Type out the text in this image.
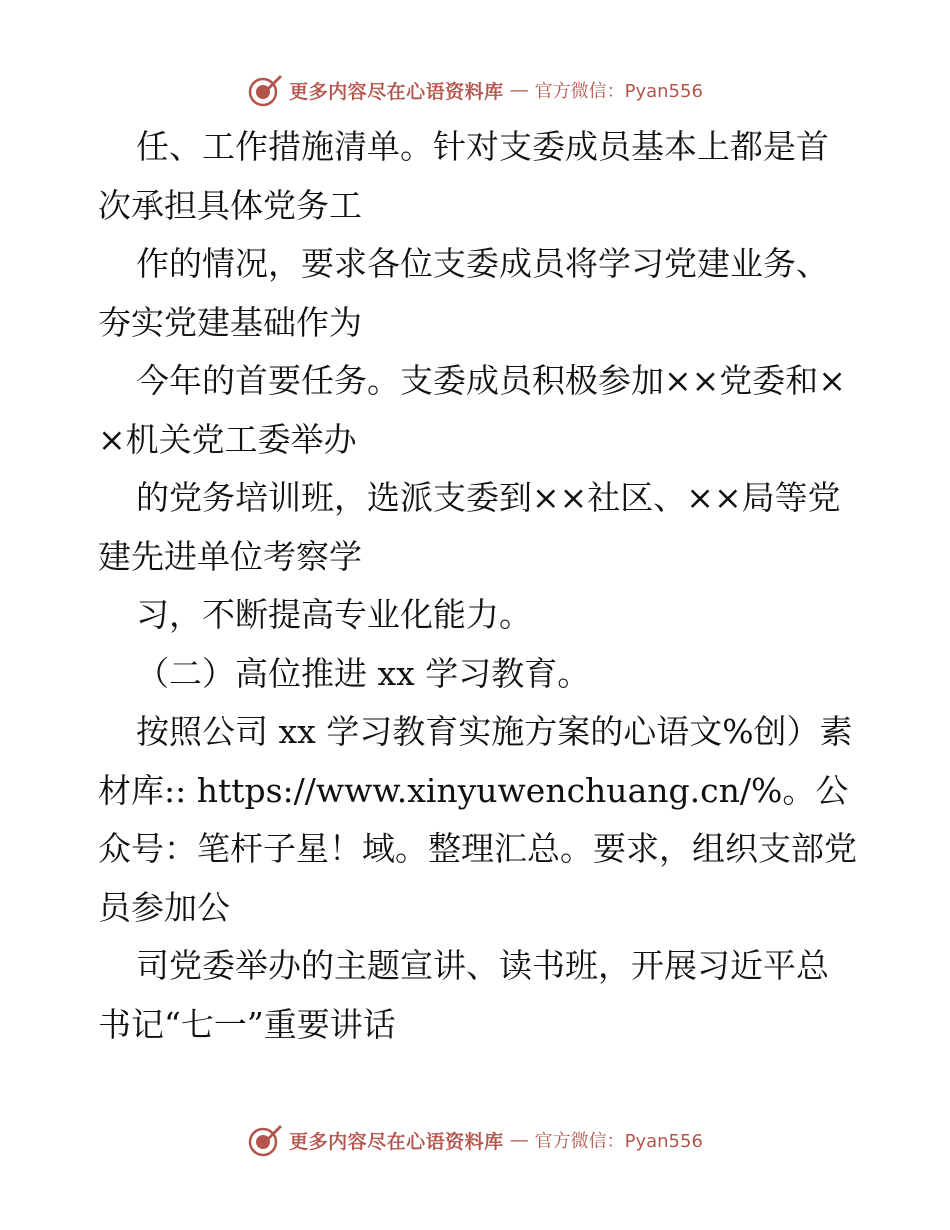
更多内容尽在心语资料库 — 官方微信：Pyan556

任、工作措施清单。针对支委成员基本上都是首次承担具体党务工

作的情况，要求各位支委成员将学习党建业务、夯实党建基础作为

今年的首要任务。支委成员积极参加××党委和××机关党工委举办

的党务培训班，选派支委到××社区、××局等党建先进单位考察学

习，不断提高专业化能力。

（二）高位推进 xx 学习教育。

按照公司 xx 学习教育实施方案的心语文%创）素材库:: https://www.xinyuwenchuang.cn/%。公众号：笔杆子星！域。整理汇总。要求，组织支部党员参加公

司党委举办的主题宣讲、读书班，开展习近平总书记“七一”重要讲话

更多内容尽在心语资料库 — 官方微信：Pyan556
